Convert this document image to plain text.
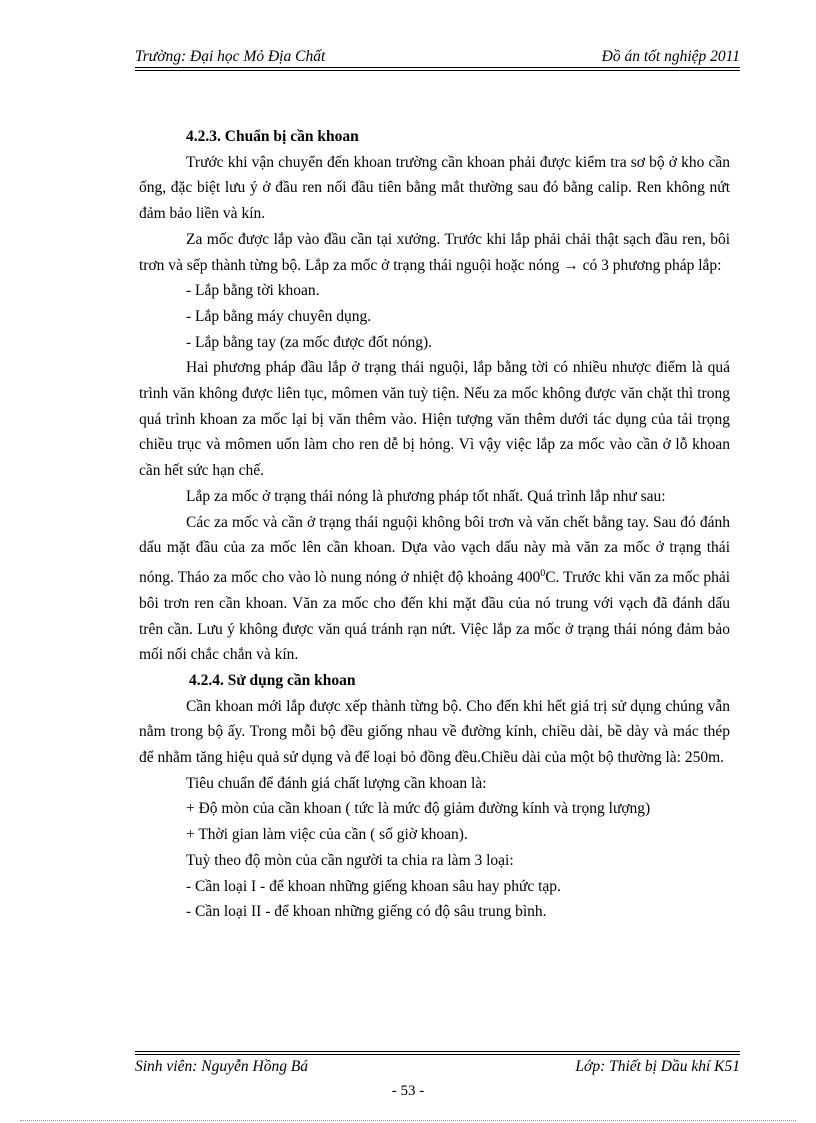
Trường: Đại học Mỏ Địa Chất	Đồ án tốt nghiệp 2011

4.2.3. Chuẩn bị cần khoan

Trước khi vận chuyển đến khoan trường cần khoan phải được kiểm tra sơ bộ ở kho cần ống, đặc biệt lưu ý ở đầu ren nối đầu tiên bằng mắt thường sau đó bằng calip. Ren không nứt đảm bảo liền và kín.

Za mốc được lắp vào đầu cần tại xưởng. Trước khi lắp phải chải thật sạch đầu ren, bôi trơn và sếp thành từng bộ. Lắp za mốc ở trạng thái nguội hoặc nóng → có 3 phương pháp lắp:

- Lắp bằng tời khoan.

- Lắp bằng máy chuyên dụng.

- Lắp bằng tay (za mốc được đốt nóng).

Hai phương pháp đầu lắp ở trạng thái nguội, lắp bằng tời có nhiều nhược điểm là quá trình văn không được liên tục, mômen văn tuỳ tiện. Nếu za mốc không được văn chặt thì trong quá trình khoan za mốc lại bị văn thêm vào. Hiện tượng văn thêm dưới tác dụng của tải trọng chiều trục và mômen uốn làm cho ren dễ bị hỏng. Vì vậy việc lắp za mốc vào cần ở lỗ khoan cần hết sức hạn chế.

Lắp za mốc ở trạng thái nóng là phương pháp tốt nhất. Quá trình lắp như sau:

Các za mốc và cần ở trạng thái nguội không bôi trơn và văn chết bằng tay. Sau đó đánh dấu mặt đầu của za mốc lên cần khoan. Dựa vào vạch dấu này mà văn za mốc ở trạng thái nóng. Tháo za mốc cho vào lò nung nóng ở nhiệt độ khoảng $400^0C$. Trước khi văn za mốc phải bôi trơn ren cần khoan. Văn za mốc cho đến khi mặt đầu của nó trung với vạch đã đánh dấu trên cần. Lưu ý không được văn quá tránh rạn nứt. Việc lắp za mốc ở trạng thái nóng đảm bảo mối nối chắc chắn và kín.

4.2.4. Sử dụng cần khoan

Cần khoan mới lắp được xếp thành từng bộ. Cho đến khi hết giá trị sử dụng chúng vẫn nằm trong bộ ấy. Trong mỗi bộ đều giống nhau về đường kính, chiều dài, bề dày và mác thép để nhằm tăng hiệu quả sử dụng và để loại bỏ đồng đều.Chiều dài của một bộ thường là: 250m.

Tiêu chuẩn để đánh giá chất lượng cần khoan là:

+ Độ mòn của cần khoan ( tức là mức độ giảm đường kính và trọng lượng)

+ Thời gian làm việc của cần ( số giờ khoan).

Tuỳ theo độ mòn của cần người ta chia ra làm 3 loại:

- Cần loại I - để khoan những giếng khoan sâu hay phức tạp.

- Cần loại II - để khoan những giếng có độ sâu trung bình.

Sinh viên: Nguyễn Hồng Bá	Lớp: Thiết bị Dầu khí K51
- 53 -
